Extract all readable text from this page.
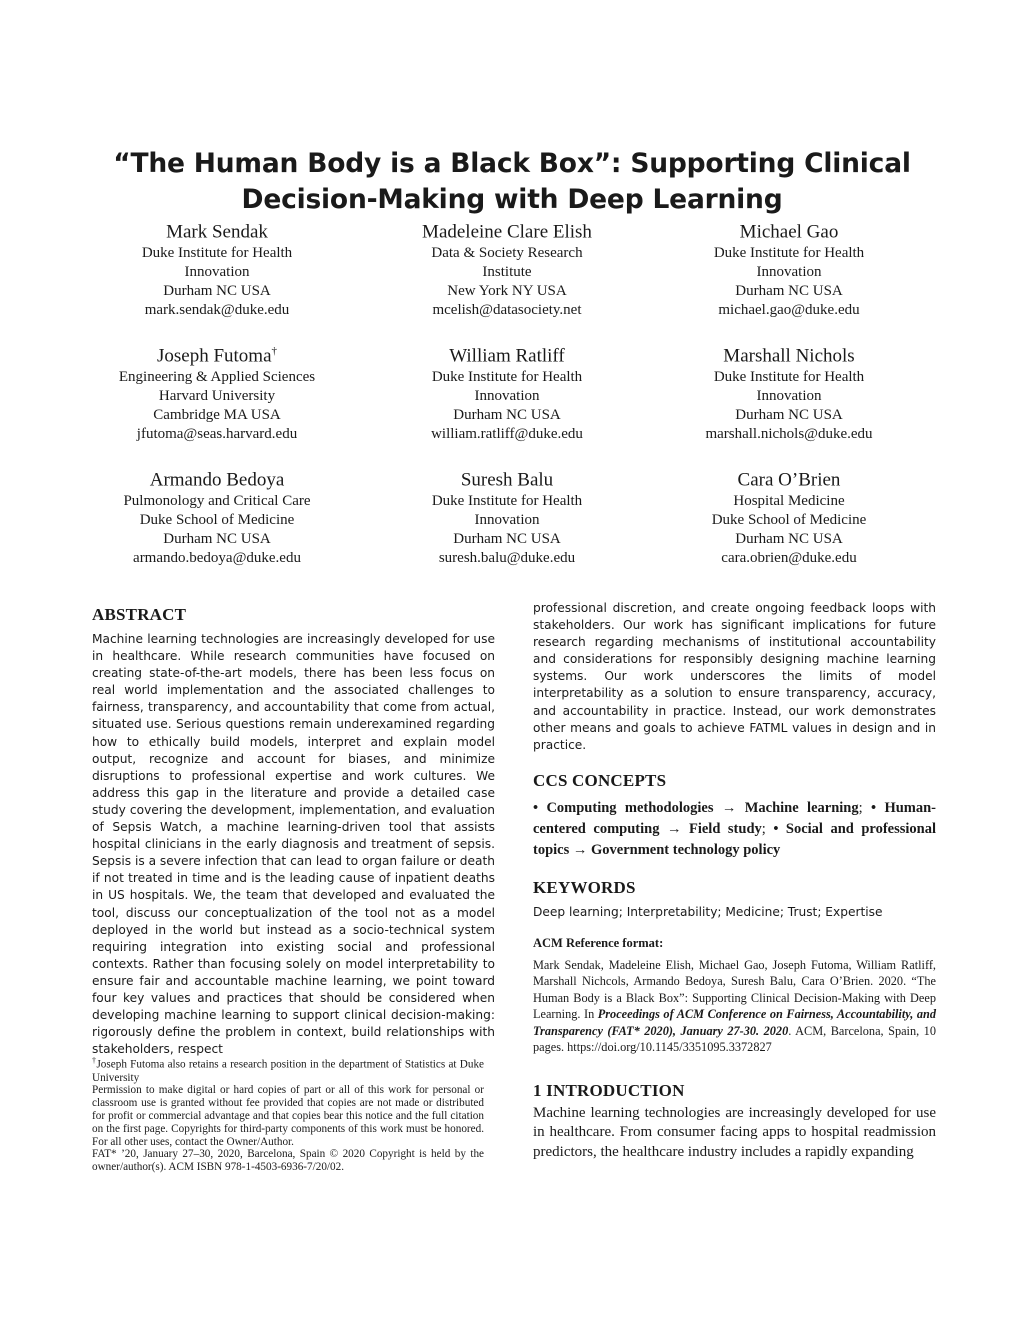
“The Human Body is a Black Box”: Supporting Clinical
Decision-Making with Deep Learning
Mark Sendak
Duke Institute for Health
Innovation
Durham NC USA
mark.sendak@duke.edu
Madeleine Clare Elish
Data & Society Research
Institute
New York NY USA
mcelish@datasociety.net
Michael Gao
Duke Institute for Health
Innovation
Durham NC USA
michael.gao@duke.edu
Joseph Futoma†
Engineering & Applied Sciences
Harvard University
Cambridge MA USA
jfutoma@seas.harvard.edu
William Ratliff
Duke Institute for Health
Innovation
Durham NC USA
william.ratliff@duke.edu
Marshall Nichols
Duke Institute for Health
Innovation
Durham NC USA
marshall.nichols@duke.edu
Armando Bedoya
Pulmonology and Critical Care
Duke School of Medicine
Durham NC USA
armando.bedoya@duke.edu
Suresh Balu
Duke Institute for Health
Innovation
Durham NC USA
suresh.balu@duke.edu
Cara O’Brien
Hospital Medicine
Duke School of Medicine
Durham NC USA
cara.obrien@duke.edu
ABSTRACT

Machine learning technologies are increasingly developed for use in healthcare. While research communities have focused on creating state-of-the-art models, there has been less focus on real world implementation and the associated challenges to fairness, transparency, and accountability that come from actual, situated use. Serious questions remain underexamined regarding how to ethically build models, interpret and explain model output, recognize and account for biases, and minimize disruptions to professional expertise and work cultures. We address this gap in the literature and provide a detailed case study covering the development, implementation, and evaluation of Sepsis Watch, a machine learning-driven tool that assists hospital clinicians in the early diagnosis and treatment of sepsis. Sepsis is a severe infection that can lead to organ failure or death if not treated in time and is the leading cause of inpatient deaths in US hospitals. We, the team that developed and evaluated the tool, discuss our conceptualization of the tool not as a model deployed in the world but instead as a socio-technical system requiring integration into existing social and professional contexts. Rather than focusing solely on model interpretability to ensure fair and accountable machine learning, we point toward four key values and practices that should be considered when developing machine learning to support clinical decision-making: rigorously define the problem in context, build relationships with stakeholders, respect

†Joseph Futoma also retains a research position in the department of Statistics at Duke University

Permission to make digital or hard copies of part or all of this work for personal or classroom use is granted without fee provided that copies are not made or distributed for profit or commercial advantage and that copies bear this notice and the full citation on the first page. Copyrights for third-party components of this work must be honored. For all other uses, contact the Owner/Author.

FAT* ’20, January 27–30, 2020, Barcelona, Spain © 2020 Copyright is held by the owner/author(s). ACM ISBN 978-1-4503-6936-7/20/02.

professional discretion, and create ongoing feedback loops with stakeholders. Our work has significant implications for future research regarding mechanisms of institutional accountability and considerations for responsibly designing machine learning systems. Our work underscores the limits of model interpretability as a solution to ensure transparency, accuracy, and accountability in practice. Instead, our work demonstrates other means and goals to achieve FATML values in design and in practice.

CCS CONCEPTS

• Computing methodologies → Machine learning; • Human-centered computing → Field study; • Social and professional topics → Government technology policy

KEYWORDS

Deep learning; Interpretability; Medicine; Trust; Expertise

ACM Reference format:

Mark Sendak, Madeleine Elish, Michael Gao, Joseph Futoma, William Ratliff, Marshall Nichcols, Armando Bedoya, Suresh Balu, Cara O’Brien. 2020. “The Human Body is a Black Box”: Supporting Clinical Decision-Making with Deep Learning. In Proceedings of ACM Conference on Fairness, Accountability, and Transparency (FAT* 2020), January 27-30. 2020. ACM, Barcelona, Spain, 10 pages. https://doi.org/10.1145/3351095.3372827

1 INTRODUCTION

Machine learning technologies are increasingly developed for use in healthcare. From consumer facing apps to hospital readmission predictors, the healthcare industry includes a rapidly expanding
